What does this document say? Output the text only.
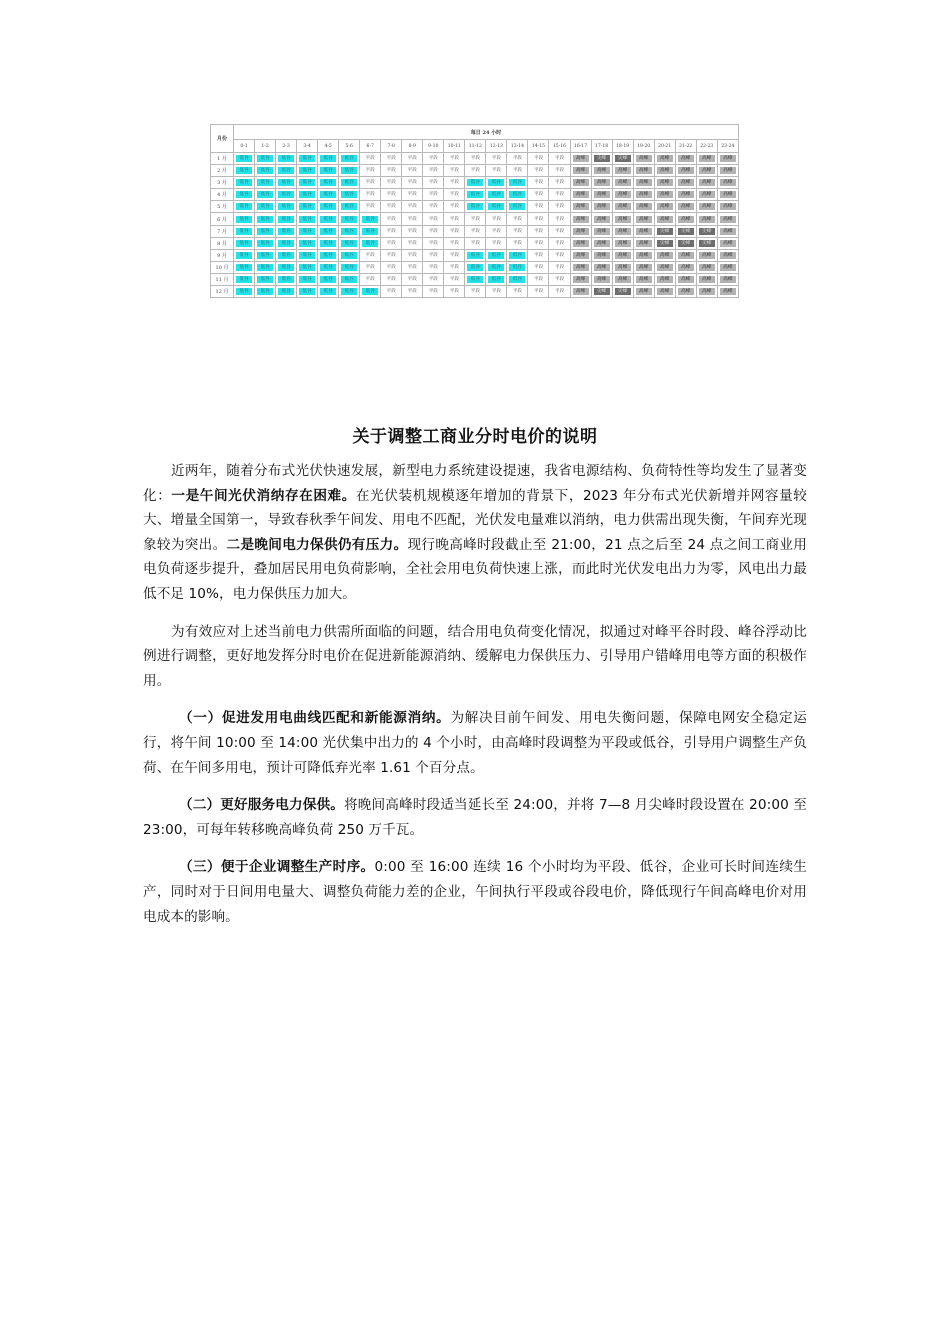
月份	每日 24 小时																							
	0-1	1-2	2-3	3-4	4-5	5-6	6-7	7-8	8-9	9-10	10-11	11-12	12-13	13-14	14-15	15-16	16-17	17-18	18-19	19-20	20-21	21-22	22-23	23-24
1 月	低谷	低谷	低谷	低谷	低谷	低谷	平段	平段	平段	平段	平段	平段	平段	平段	平段	平段	高峰	尖峰	尖峰	高峰	高峰	高峰	高峰	高峰
2 月	低谷	低谷	低谷	低谷	低谷	低谷	平段	平段	平段	平段	平段	平段	平段	平段	平段	平段	高峰	高峰	高峰	高峰	高峰	高峰	高峰	高峰
3 月	低谷	低谷	低谷	低谷	低谷	低谷	平段	平段	平段	平段	平段	低谷	低谷	低谷	平段	平段	高峰	高峰	高峰	高峰	高峰	高峰	高峰	高峰
4 月	低谷	低谷	低谷	低谷	低谷	低谷	平段	平段	平段	平段	平段	低谷	低谷	低谷	平段	平段	高峰	高峰	高峰	高峰	高峰	高峰	高峰	高峰
5 月	低谷	低谷	低谷	低谷	低谷	低谷	平段	平段	平段	平段	平段	低谷	低谷	低谷	平段	平段	高峰	高峰	高峰	高峰	高峰	高峰	高峰	高峰
6 月	低谷	低谷	低谷	低谷	低谷	低谷	低谷	平段	平段	平段	平段	平段	平段	平段	平段	平段	高峰	高峰	高峰	高峰	高峰	高峰	高峰	高峰
7 月	低谷	低谷	低谷	低谷	低谷	低谷	低谷	平段	平段	平段	平段	平段	平段	平段	平段	平段	高峰	高峰	高峰	高峰	尖峰	尖峰	尖峰	高峰
8 月	低谷	低谷	低谷	低谷	低谷	低谷	低谷	平段	平段	平段	平段	平段	平段	平段	平段	平段	高峰	高峰	高峰	高峰	尖峰	尖峰	尖峰	高峰
9 月	低谷	低谷	低谷	低谷	低谷	低谷	平段	平段	平段	平段	平段	低谷	低谷	低谷	平段	平段	高峰	高峰	高峰	高峰	高峰	高峰	高峰	高峰
10 月	低谷	低谷	低谷	低谷	低谷	低谷	平段	平段	平段	平段	平段	低谷	低谷	低谷	平段	平段	高峰	高峰	高峰	高峰	高峰	高峰	高峰	高峰
11 月	低谷	低谷	低谷	低谷	低谷	低谷	平段	平段	平段	平段	平段	低谷	低谷	低谷	平段	平段	高峰	高峰	高峰	高峰	高峰	高峰	高峰	高峰
12 月	低谷	低谷	低谷	低谷	低谷	低谷	低谷	平段	平段	平段	平段	平段	平段	平段	平段	平段	高峰	尖峰	尖峰	高峰	高峰	高峰	高峰	高峰
关于调整工商业分时电价的说明

近两年，随着分布式光伏快速发展，新型电力系统建设提速，我省电源结构、负荷特性等均发生了显著变化：一是午间光伏消纳存在困难。在光伏装机规模逐年增加的背景下，2023 年分布式光伏新增并网容量较大、增量全国第一，导致春秋季午间发、用电不匹配，光伏发电量难以消纳，电力供需出现失衡，午间弃光现象较为突出。二是晚间电力保供仍有压力。现行晚高峰时段截止至 21:00，21 点之后至 24 点之间工商业用电负荷逐步提升，叠加居民用电负荷影响，全社会用电负荷快速上涨，而此时光伏发电出力为零，风电出力最低不足 10%，电力保供压力加大。

为有效应对上述当前电力供需所面临的问题，结合用电负荷变化情况，拟通过对峰平谷时段、峰谷浮动比例进行调整，更好地发挥分时电价在促进新能源消纳、缓解电力保供压力、引导用户错峰用电等方面的积极作用。

（一）促进发用电曲线匹配和新能源消纳。为解决目前午间发、用电失衡问题，保障电网安全稳定运行，将午间 10:00 至 14:00 光伏集中出力的 4 个小时，由高峰时段调整为平段或低谷，引导用户调整生产负荷、在午间多用电，预计可降低弃光率 1.61 个百分点。

（二）更好服务电力保供。将晚间高峰时段适当延长至 24:00，并将 7—8 月尖峰时段设置在 20:00 至 23:00，可每年转移晚高峰负荷 250 万千瓦。

（三）便于企业调整生产时序。0:00 至 16:00 连续 16 个小时均为平段、低谷，企业可长时间连续生产，同时对于日间用电量大、调整负荷能力差的企业，午间执行平段或谷段电价，降低现行午间高峰电价对用电成本的影响。
